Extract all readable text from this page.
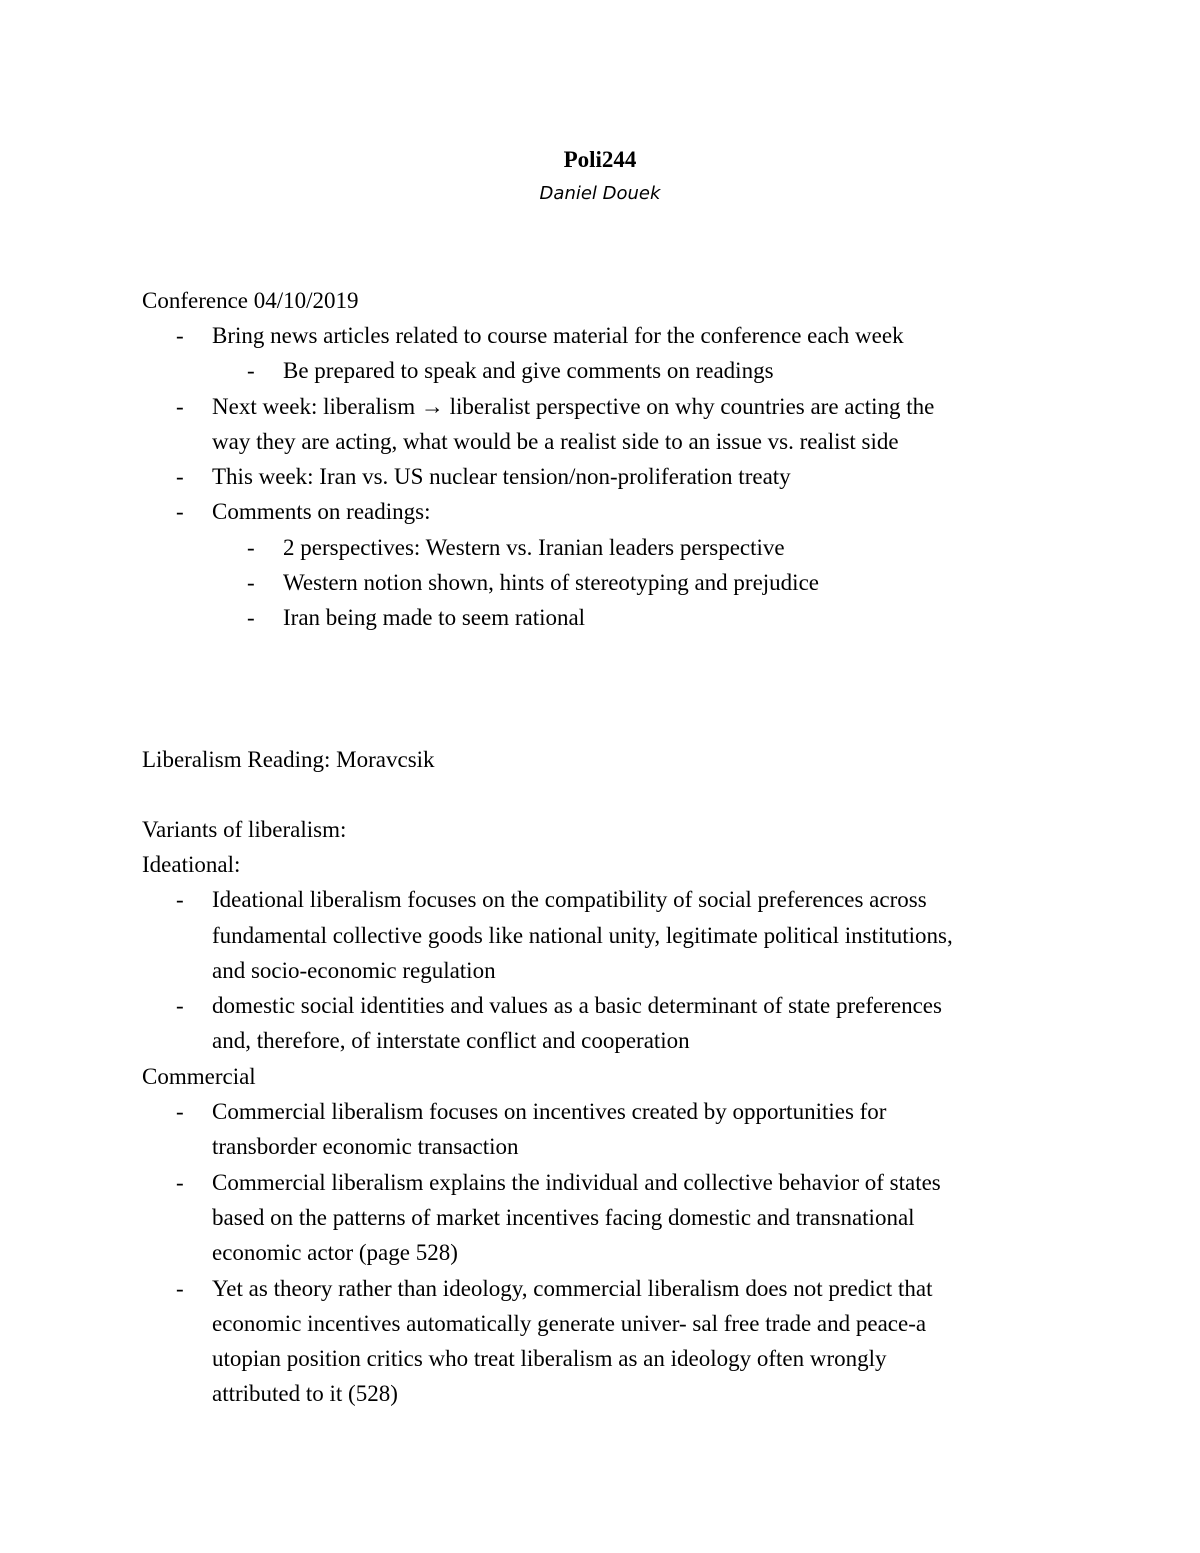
Poli244
Daniel Douek
Conference 04/10/2019
- Bring news articles related to course material for the conference each week
- Be prepared to speak and give comments on readings
- Next week: liberalism → liberalist perspective on why countries are acting the
way they are acting, what would be a realist side to an issue vs. realist side
- This week: Iran vs. US nuclear tension/non-proliferation treaty
- Comments on readings:
- 2 perspectives: Western vs. Iranian leaders perspective
- Western notion shown, hints of stereotyping and prejudice
- Iran being made to seem rational
Liberalism Reading: Moravcsik
Variants of liberalism:
Ideational:
- Ideational liberalism focuses on the compatibility of social preferences across
fundamental collective goods like national unity, legitimate political institutions,
and socio-economic regulation
- domestic social identities and values as a basic determinant of state preferences
and, therefore, of interstate conflict and cooperation
Commercial
- Commercial liberalism focuses on incentives created by opportunities for
transborder economic transaction
- Commercial liberalism explains the individual and collective behavior of states
based on the patterns of market incentives facing domestic and transnational
economic actor (page 528)
- Yet as theory rather than ideology, commercial liberalism does not predict that
economic incentives automatically generate univer- sal free trade and peace-a
utopian position critics who treat liberalism as an ideology often wrongly
attributed to it (528)
